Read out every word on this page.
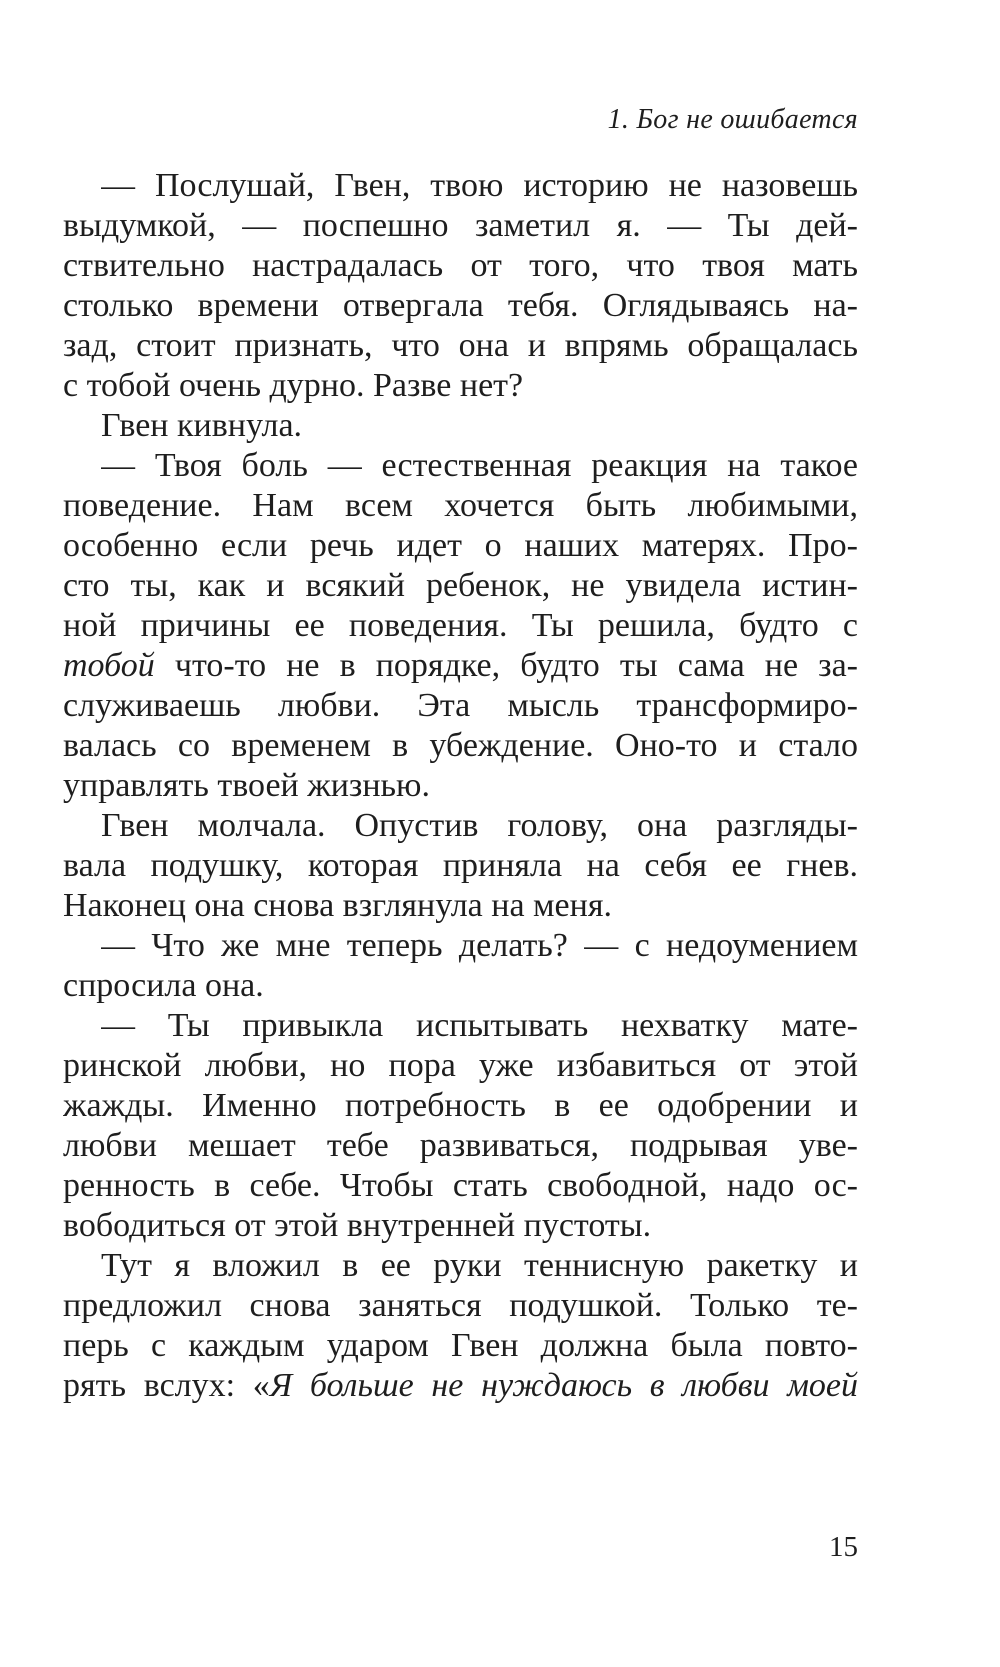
1. Бог не ошибается
— Послушай, Гвен, твою историю не назовешь
выдумкой, — поспешно заметил я. — Ты дей-
ствительно настрадалась от того, что твоя мать
столько времени отвергала тебя. Оглядываясь на-
зад, стоит признать, что она и впрямь обращалась
с тобой очень дурно. Разве нет?
Гвен кивнула.
— Твоя боль — естественная реакция на такое
поведение. Нам всем хочется быть любимыми,
особенно если речь идет о наших матерях. Про-
сто ты, как и всякий ребенок, не увидела истин-
ной причины ее поведения. Ты решила, будто с
тобой что-то не в порядке, будто ты сама не за-
служиваешь любви. Эта мысль трансформиро-
валась со временем в убеждение. Оно-то и стало
управлять твоей жизнью.
Гвен молчала. Опустив голову, она разгляды-
вала подушку, которая приняла на себя ее гнев.
Наконец она снова взглянула на меня.
— Что же мне теперь делать? — с недоумением
спросила она.
— Ты привыкла испытывать нехватку мате-
ринской любви, но пора уже избавиться от этой
жажды. Именно потребность в ее одобрении и
любви мешает тебе развиваться, подрывая уве-
ренность в себе. Чтобы стать свободной, надо ос-
вободиться от этой внутренней пустоты.
Тут я вложил в ее руки теннисную ракетку и
предложил снова заняться подушкой. Только те-
перь с каждым ударом Гвен должна была повто-
рять вслух: «Я больше не нуждаюсь в любви моей
15
